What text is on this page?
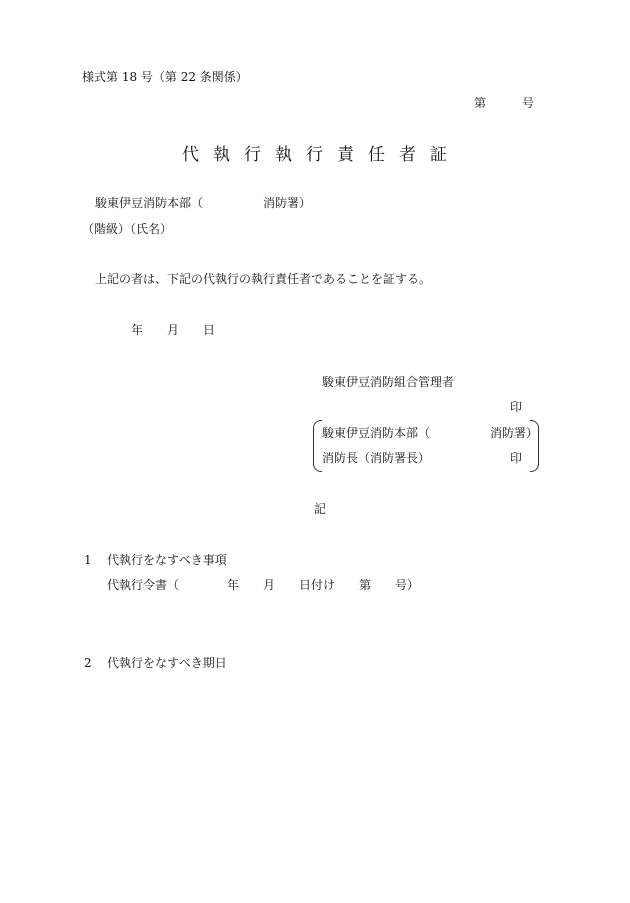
様式第 18 号（第 22 条関係）
第　　　号
代執行執行責任者証
駿東伊豆消防本部（　　　　　消防署）
（階級）（氏名）
上記の者は、下記の代執行の執行責任者であることを証する。
年　　月　　日
駿東伊豆消防組合管理者
印
駿東伊豆消防本部（　　　　　消防署）
消防長（消防署長）	印
記
1 代執行をなすべき事項
代執行令書（　　　　年　　月　　日付け　　第　　号）
2 代執行をなすべき期日
